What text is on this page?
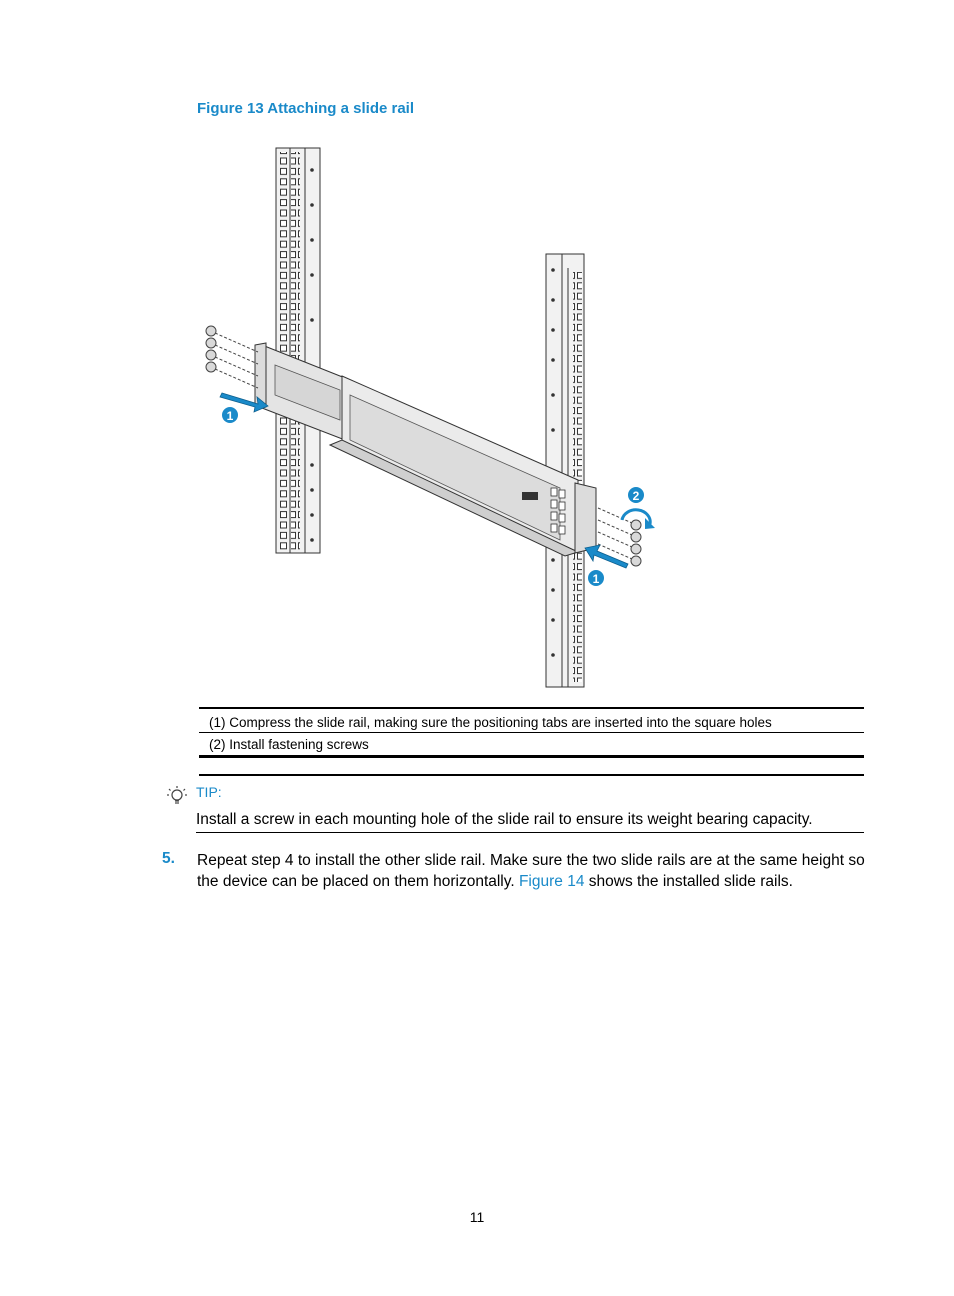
Figure 13 Attaching a slide rail
1
2
1
(1) Compress the slide rail, making sure the positioning tabs are inserted into the square holes
(2) Install fastening screws
TIP:
Install a screw in each mounting hole of the slide rail to ensure its weight bearing capacity.
5. Repeat step 4 to install the other slide rail. Make sure the two slide rails are at the same height so the device can be placed on them horizontally. Figure 14 shows the installed slide rails.
11
